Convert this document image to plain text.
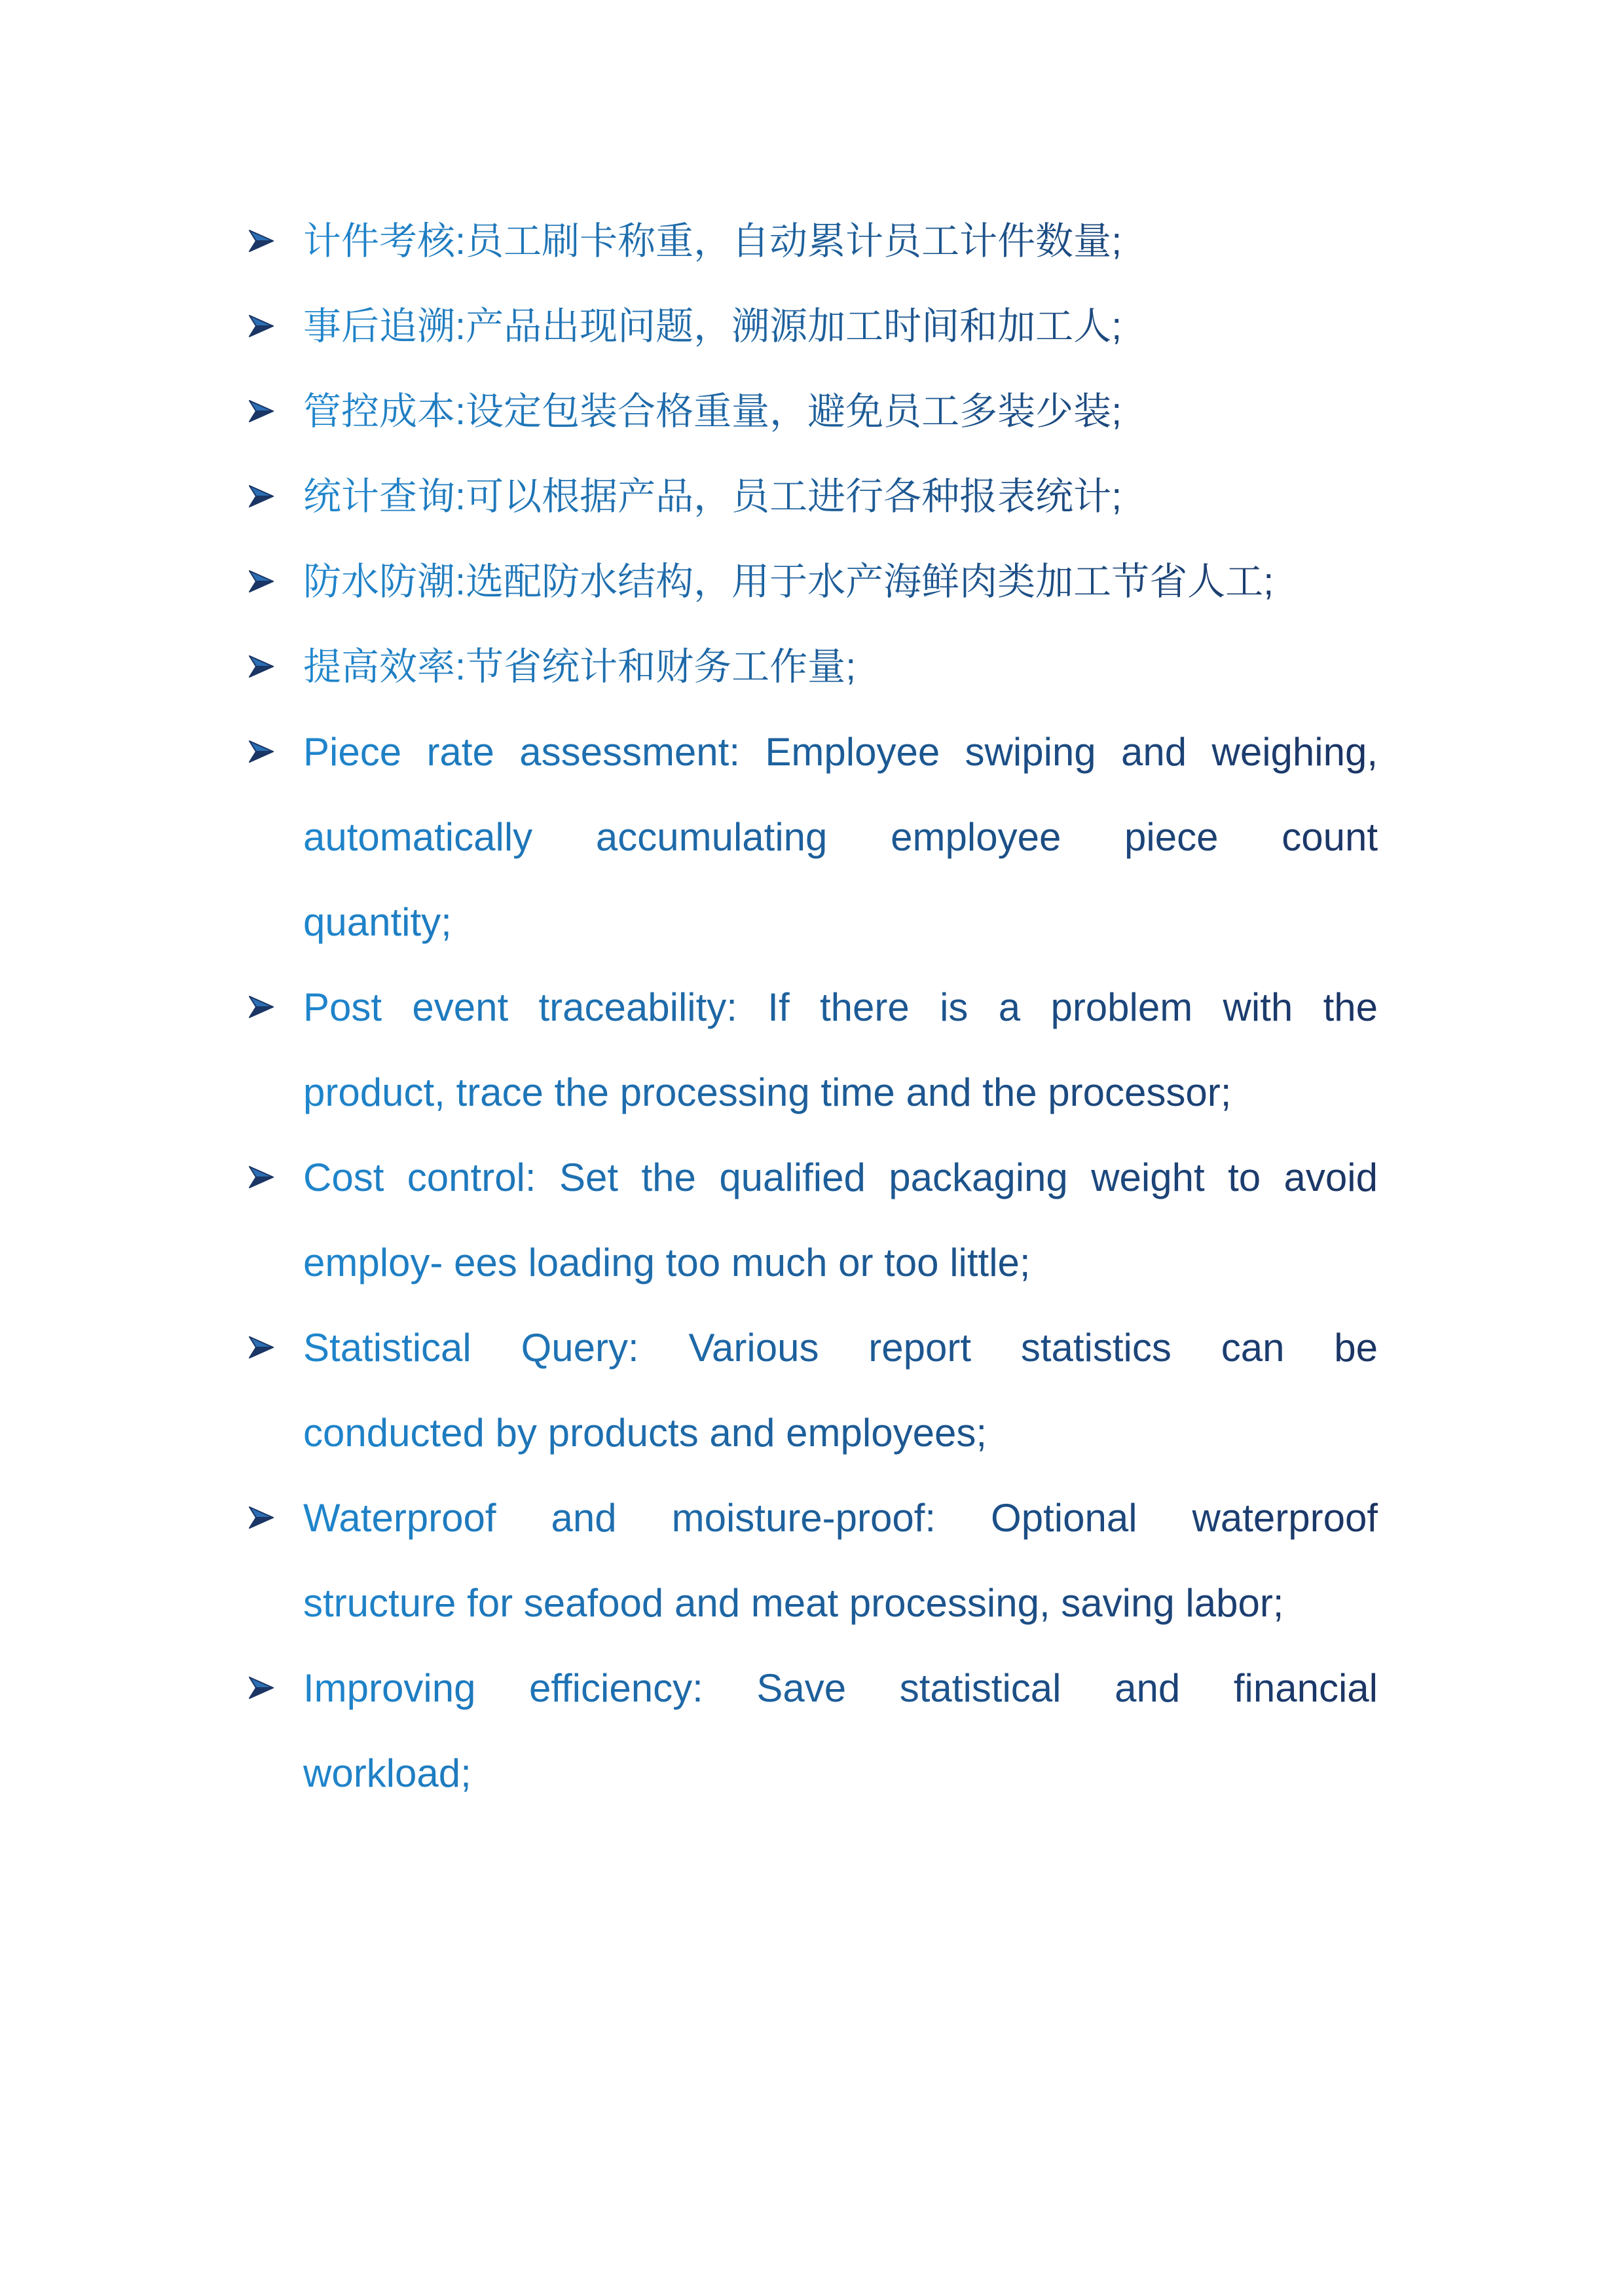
计件考核:员工刷卡称重，自动累计员工计件数量;
事后追溯:产品出现问题，溯源加工时间和加工人;
管控成本:设定包装合格重量，避免员工多装少装;
统计查询:可以根据产品，员工进行各种报表统计;
防水防潮:选配防水结构，用于水产海鲜肉类加工节省人工;
提高效率:节省统计和财务工作量;
Piece rate assessment: Employee swiping and weighing,
automatically accumulating employee piece count
quantity;
Post event traceability: If there is a problem with the
product, trace the processing time and the processor;
Cost control: Set the qualified packaging weight to avoid
employ- ees loading too much or too little;
Statistical Query: Various report statistics can be
conducted by products and employees;
Waterproof and moisture-proof: Optional waterproof
structure for seafood and meat processing, saving labor;
Improving efficiency: Save statistical and financial
workload;
